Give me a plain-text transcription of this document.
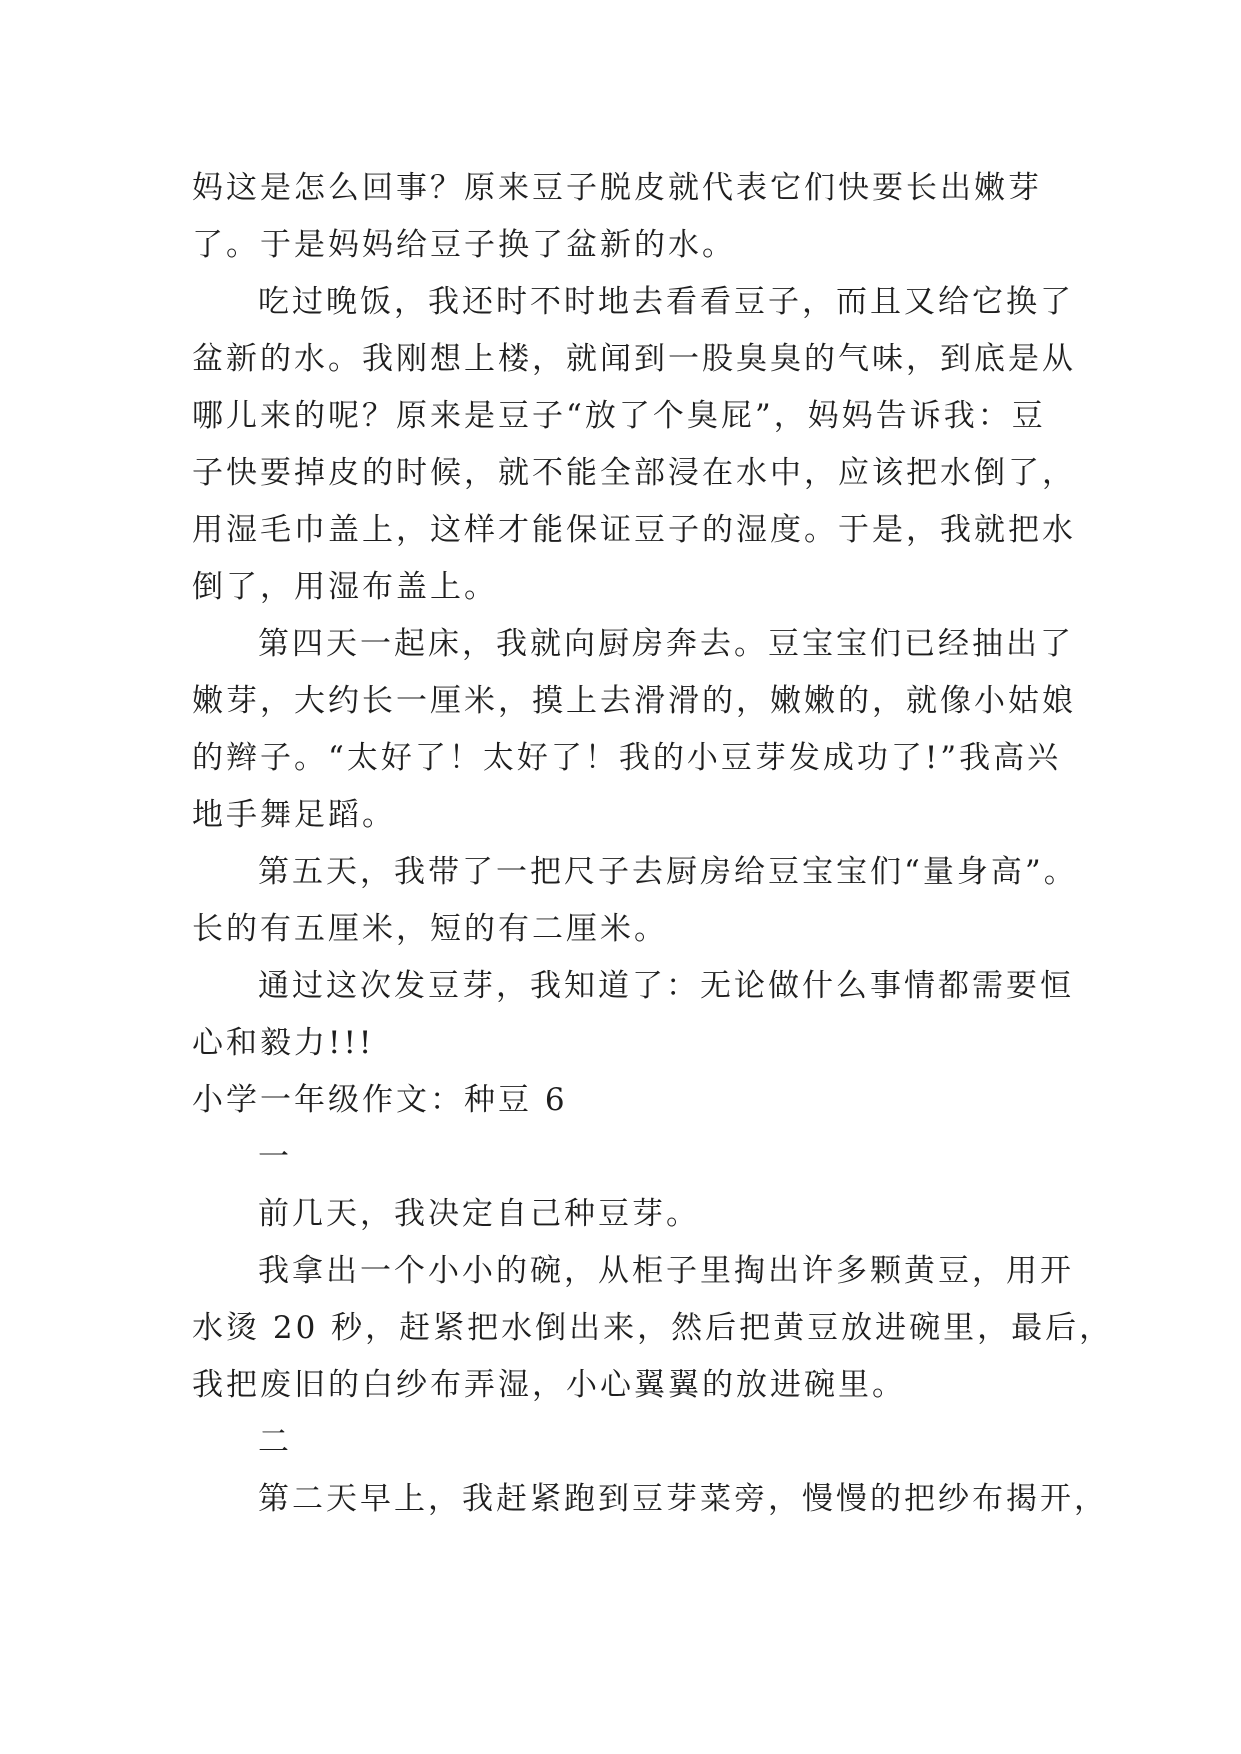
妈这是怎么回事？原来豆子脱皮就代表它们快要长出嫩芽
了。于是妈妈给豆子换了盆新的水。
吃过晚饭，我还时不时地去看看豆子，而且又给它换了
盆新的水。我刚想上楼，就闻到一股臭臭的气味，到底是从
哪儿来的呢？原来是豆子“放了个臭屁”，妈妈告诉我：豆
子快要掉皮的时候，就不能全部浸在水中，应该把水倒了，
用湿毛巾盖上，这样才能保证豆子的湿度。于是，我就把水
倒了，用湿布盖上。
第四天一起床，我就向厨房奔去。豆宝宝们已经抽出了
嫩芽，大约长一厘米，摸上去滑滑的，嫩嫩的，就像小姑娘
的辫子。“太好了！太好了！我的小豆芽发成功了!”我高兴
地手舞足蹈。
第五天，我带了一把尺子去厨房给豆宝宝们“量身高”。
长的有五厘米，短的有二厘米。
通过这次发豆芽，我知道了：无论做什么事情都需要恒
心和毅力!!!
小学一年级作文：种豆 6
一
前几天，我决定自己种豆芽。
我拿出一个小小的碗，从柜子里掏出许多颗黄豆，用开
水烫 20 秒，赶紧把水倒出来，然后把黄豆放进碗里，最后，
我把废旧的白纱布弄湿，小心翼翼的放进碗里。
二
第二天早上，我赶紧跑到豆芽菜旁，慢慢的把纱布揭开，
